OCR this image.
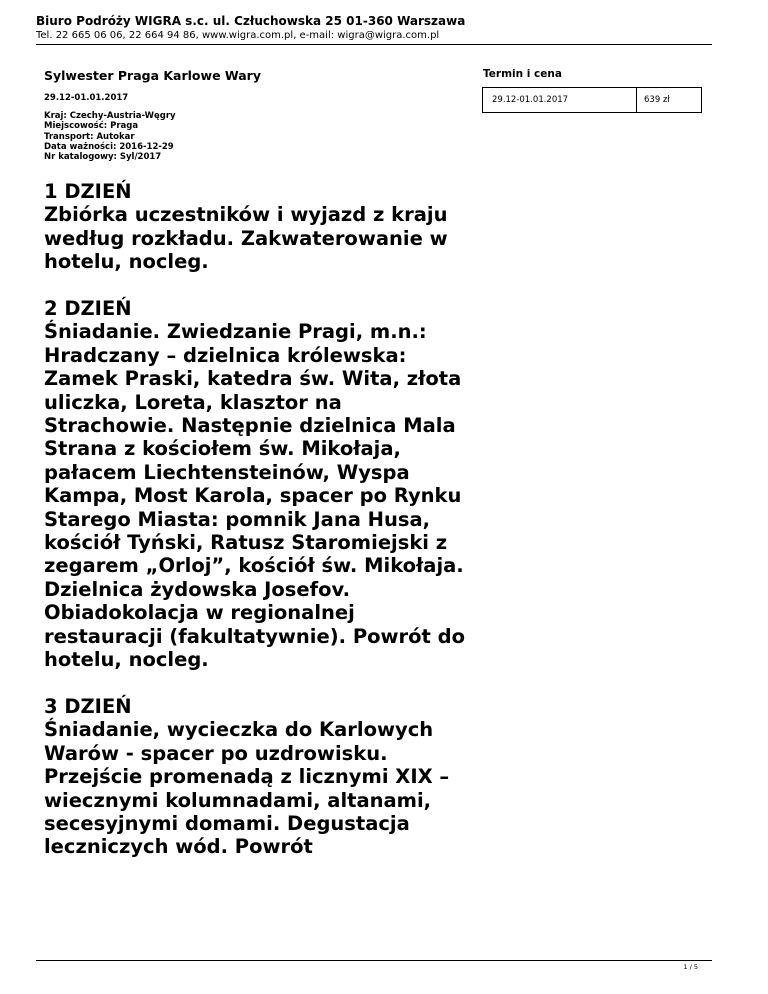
Biuro Podróży WIGRA s.c. ul. Człuchowska 25 01-360 Warszawa
Tel. 22 665 06 06, 22 664 94 86, www.wigra.com.pl, e-mail: wigra@wigra.com.pl
Sylwester Praga Karlowe Wary
29.12-01.01.2017
Kraj: Czechy-Austria-Węgry
Miejscowość: Praga
Transport: Autokar
Data ważności: 2016-12-29
Nr katalogowy: Syl/2017
Termin i cena
29.12-01.01.2017	639 zł

1 DZIEŃ

Zbiórka uczestników i wyjazd z kraju według rozkładu. Zakwaterowanie w hotelu, nocleg.

2 DZIEŃ

Śniadanie. Zwiedzanie Pragi, m.n.: Hradczany – dzielnica królewska: Zamek Praski, katedra św. Wita, złota uliczka, Loreta, klasztor na Strachowie. Następnie dzielnica Mala Strana z kościołem św. Mikołaja, pałacem Liechtensteinów, Wyspa Kampa, Most Karola, spacer po Rynku Starego Miasta: pomnik Jana Husa, kościół Tyński, Ratusz Staromiejski z zegarem „Orloj”, kościół św. Mikołaja. Dzielnica żydowska Josefov. Obiadokolacja w regionalnej restauracji (fakultatywnie). Powrót do hotelu, nocleg.

3 DZIEŃ

Śniadanie, wycieczka do Karlowych Warów - spacer po uzdrowisku. Przejście promenadą z licznymi XIX – wiecznymi kolumnadami, altanami, secesyjnymi domami. Degustacja leczniczych wód. Powrót

1 / 5
